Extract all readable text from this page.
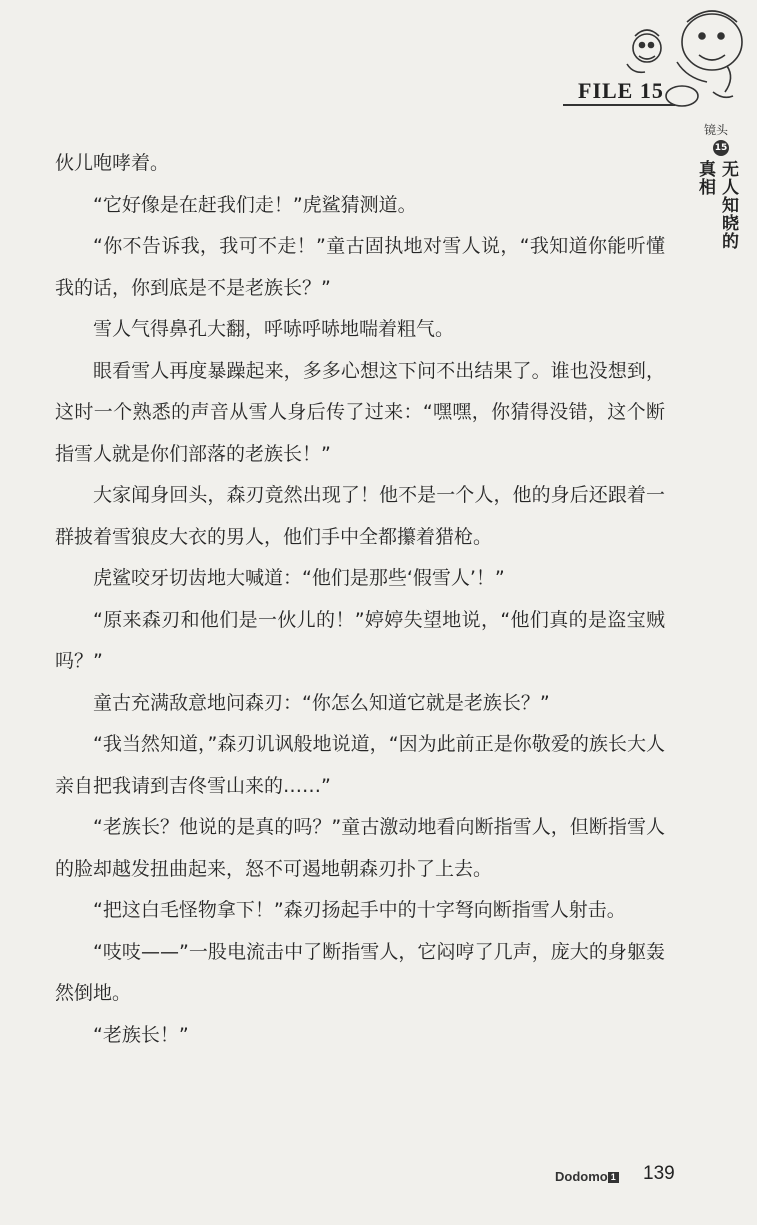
FILE 15
镜头
15
无人知晓的
真相

伙儿咆哮着。

“它好像是在赶我们走！”虎鲨猜测道。

“你不告诉我，我可不走！”童古固执地对雪人说，“我知道你能听懂我的话，你到底是不是老族长？”

雪人气得鼻孔大翻，呼哧呼哧地喘着粗气。

眼看雪人再度暴躁起来，多多心想这下问不出结果了。谁也没想到，这时一个熟悉的声音从雪人身后传了过来：“嘿嘿，你猜得没错，这个断指雪人就是你们部落的老族长！”

大家闻身回头，森刃竟然出现了！他不是一个人，他的身后还跟着一群披着雪狼皮大衣的男人，他们手中全都攥着猎枪。

虎鲨咬牙切齿地大喊道：“他们是那些‘假雪人’！”

“原来森刃和他们是一伙儿的！”婷婷失望地说，“他们真的是盗宝贼吗？”

童古充满敌意地问森刃：“你怎么知道它就是老族长？”

“我当然知道，”森刃讥讽般地说道，“因为此前正是你敬爱的族长大人亲自把我请到吉佟雪山来的……”

“老族长？他说的是真的吗？”童古激动地看向断指雪人，但断指雪人的脸却越发扭曲起来，怒不可遏地朝森刃扑了上去。

“把这白毛怪物拿下！”森刃扬起手中的十字弩向断指雪人射击。

“吱吱——”一股电流击中了断指雪人，它闷哼了几声，庞大的身躯轰然倒地。

“老族长！”

Dodomo 1 139
